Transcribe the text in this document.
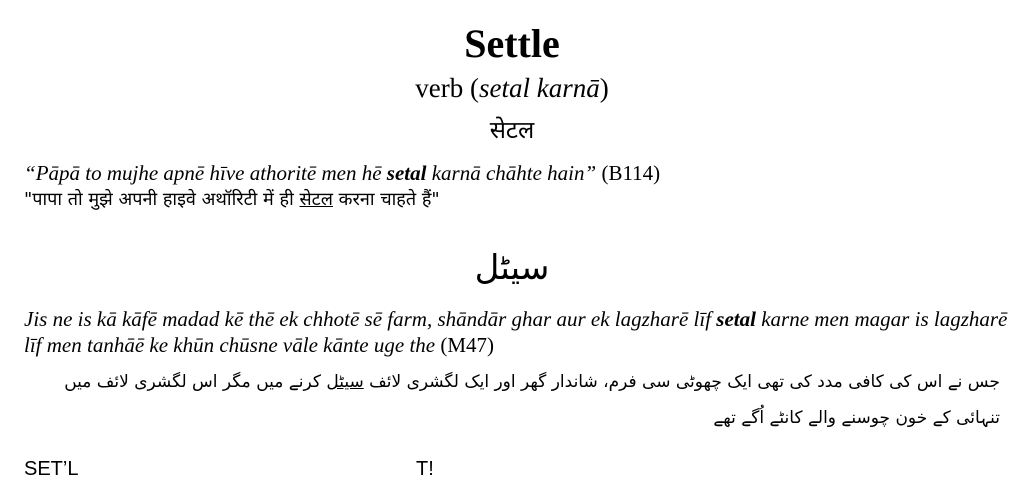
Settle
verb (setal karnā)
सेटल
“Pāpā to mujhe apnē hīve athoritē men hē setal karnā chāhte hain” (B114)
"पापा तो मुझे अपनी हाइवे अथॉरिटी में ही सेटल करना चाहते हैं"
سیٹل
Jis ne is kā kāfē madad kē thē ek chhotē sē farm, shāndār ghar aur ek lagzharē līf setal karne men magar is lagzharē līf men tanhāē ke khūn chūsne vāle kānte uge the (M47)
جس نے اس کی کافی مدد کی تھی ایک چھوٹی سی فرم، شاندار گھر اور ایک لگشری لائف سیٹل کرنے میں مگر اس لگشری لائف میں تنہائی کے خون چوسنے والے کانٹے اُگے تھے
SET’L	T!
